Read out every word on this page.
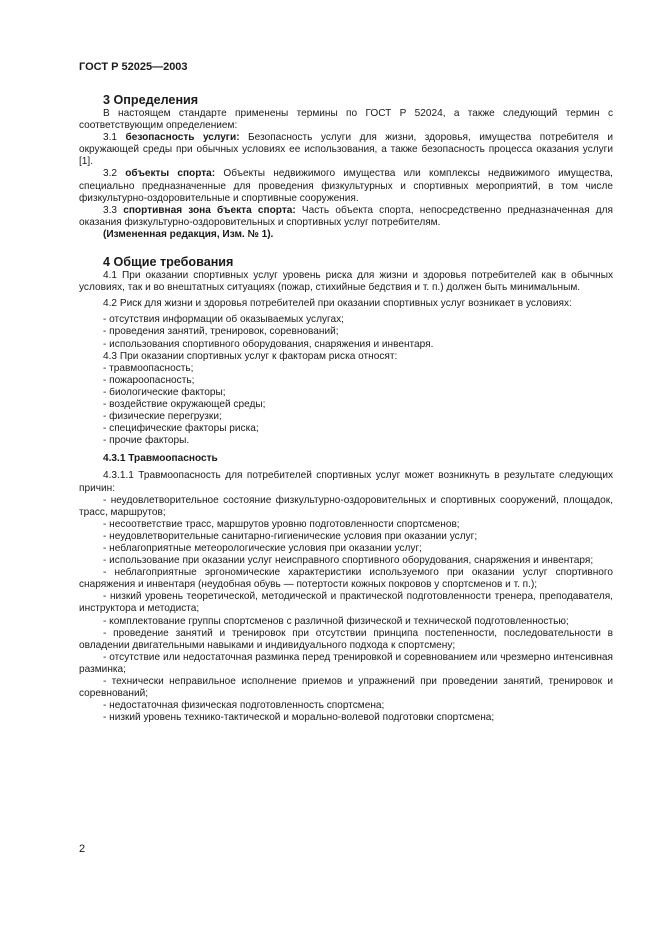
ГОСТ Р 52025—2003

3 Определения

В настоящем стандарте применены термины по ГОСТ Р 52024, а также следующий термин с соответствующим определением:

3.1 безопасность услуги: Безопасность услуги для жизни, здоровья, имущества потребителя и окружающей среды при обычных условиях ее использования, а также безопасность процесса оказания услуги [1].

3.2 объекты спорта: Объекты недвижимого имущества или комплексы недвижимого имущества, специально предназначенные для проведения физкультурных и спортивных мероприятий, в том числе физкультурно-оздоровительные и спортивные сооружения.

3.3 спортивная зона бъекта спорта: Часть объекта спорта, непосредственно предназначенная для оказания физкультурно-оздоровительных и спортивных услуг потребителям.

(Измененная редакция, Изм. № 1).

4 Общие требования

4.1 При оказании спортивных услуг уровень риска для жизни и здоровья потребителей как в обычных условиях, так и во внештатных ситуациях (пожар, стихийные бедствия и т. п.) должен быть минимальным.

4.2 Риск для жизни и здоровья потребителей при оказании спортивных услуг возникает в условиях:

- отсутствия информации об оказываемых услугах;

- проведения занятий, тренировок, соревнований;

- использования спортивного оборудования, снаряжения и инвентаря.

4.3 При оказании спортивных услуг к факторам риска относят:

- травмоопасность;

- пожароопасность;

- биологические факторы;

- воздействие окружающей среды;

- физические перегрузки;

- специфические факторы риска;

- прочие факторы.

4.3.1 Травмоопасность

4.3.1.1 Травмоопасность для потребителей спортивных услуг может возникнуть в результате следующих причин:

- неудовлетворительное состояние физкультурно-оздоровительных и спортивных сооружений, площадок, трасс, маршрутов;

- несоответствие трасс, маршрутов уровню подготовленности спортсменов;

- неудовлетворительные санитарно-гигиенические условия при оказании услуг;

- неблагоприятные метеорологические условия при оказании услуг;

- использование при оказании услуг неисправного спортивного оборудования, снаряжения и инвентаря;

- неблагоприятные эргономические характеристики используемого при оказании услуг спортивного снаряжения и инвентаря (неудобная обувь — потертости кожных покровов у спортсменов и т. п.);

- низкий уровень теоретической, методической и практической подготовленности тренера, преподавателя, инструктора и методиста;

- комплектование группы спортсменов с различной физической и технической подготовленностью;

- проведение занятий и тренировок при отсутствии принципа постепенности, последовательности в овладении двигательными навыками и индивидуального подхода к спортсмену;

- отсутствие или недостаточная разминка перед тренировкой и соревнованием или чрезмерно интенсивная разминка;

- технически неправильное исполнение приемов и упражнений при проведении занятий, тренировок и соревнований;

- недостаточная физическая подготовленность спортсмена;

- низкий уровень технико-тактической и морально-волевой подготовки спортсмена;

2
